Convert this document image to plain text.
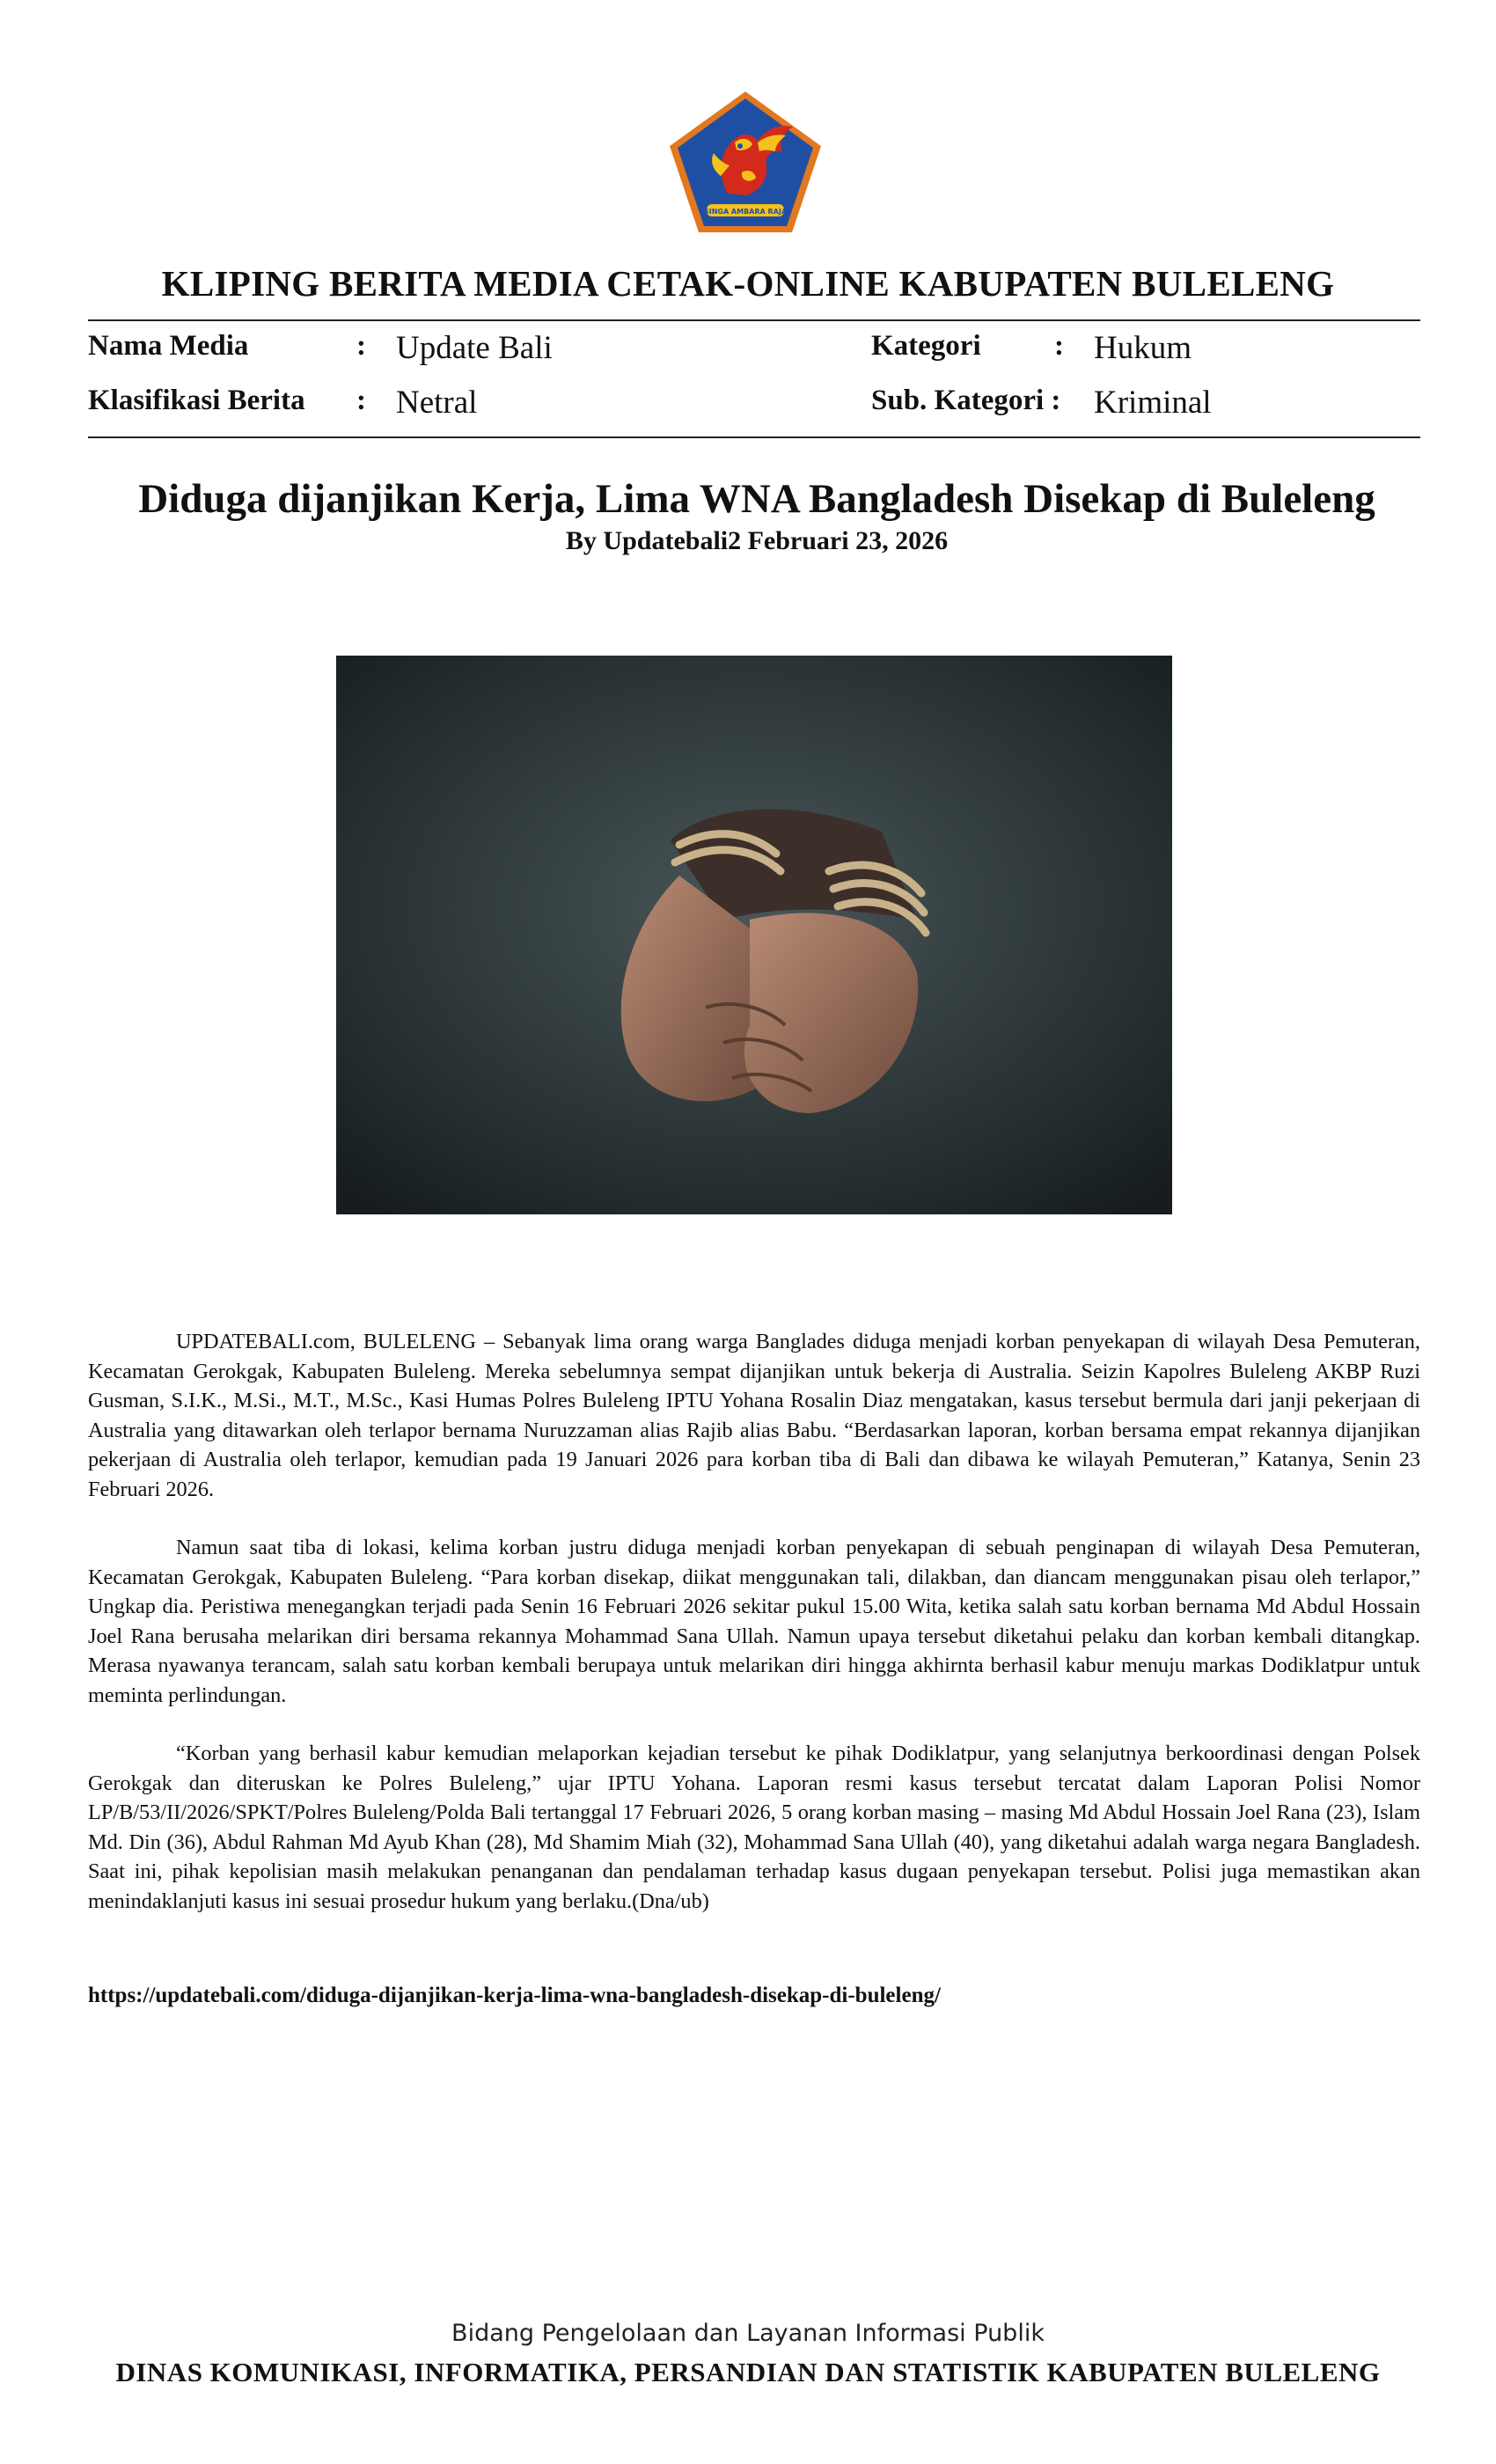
SINGA AMBARA RAJA
KLIPING BERITA MEDIA CETAK-ONLINE KABUPATEN BULELENG
Nama Media	: Update Bali	Kategori	: Hukum
Klasifikasi Berita : Netral	Sub. Kategori : Kriminal
Diduga dijanjikan Kerja, Lima WNA Bangladesh Disekap di Buleleng
By Updatebali2 Februari 23, 2026

UPDATEBALI.com, BULELENG – Sebanyak lima orang warga Banglades diduga menjadi korban penyekapan di wilayah Desa Pemuteran, Kecamatan Gerokgak, Kabupaten Buleleng. Mereka sebelumnya sempat dijanjikan untuk bekerja di Australia. Seizin Kapolres Buleleng AKBP Ruzi Gusman, S.I.K., M.Si., M.T., M.Sc., Kasi Humas Polres Buleleng IPTU Yohana Rosalin Diaz mengatakan, kasus tersebut bermula dari janji pekerjaan di Australia yang ditawarkan oleh terlapor bernama Nuruzzaman alias Rajib alias Babu. “Berdasarkan laporan, korban bersama empat rekannya dijanjikan pekerjaan di Australia oleh terlapor, kemudian pada 19 Januari 2026 para korban tiba di Bali dan dibawa ke wilayah Pemuteran,” Katanya, Senin 23 Februari 2026.

Namun saat tiba di lokasi, kelima korban justru diduga menjadi korban penyekapan di sebuah penginapan di wilayah Desa Pemuteran, Kecamatan Gerokgak, Kabupaten Buleleng. “Para korban disekap, diikat menggunakan tali, dilakban, dan diancam menggunakan pisau oleh terlapor,” Ungkap dia. Peristiwa menegangkan terjadi pada Senin 16 Februari 2026 sekitar pukul 15.00 Wita, ketika salah satu korban bernama Md Abdul Hossain Joel Rana berusaha melarikan diri bersama rekannya Mohammad Sana Ullah. Namun upaya tersebut diketahui pelaku dan korban kembali ditangkap. Merasa nyawanya terancam, salah satu korban kembali berupaya untuk melarikan diri hingga akhirnta berhasil kabur menuju markas Dodiklatpur untuk meminta perlindungan.

“Korban yang berhasil kabur kemudian melaporkan kejadian tersebut ke pihak Dodiklatpur, yang selanjutnya berkoordinasi dengan Polsek Gerokgak dan diteruskan ke Polres Buleleng,” ujar IPTU Yohana. Laporan resmi kasus tersebut tercatat dalam Laporan Polisi Nomor LP/B/53/II/2026/SPKT/Polres Buleleng/Polda Bali tertanggal 17 Februari 2026, 5 orang korban masing – masing Md Abdul Hossain Joel Rana (23), Islam Md. Din (36), Abdul Rahman Md Ayub Khan (28), Md Shamim Miah (32), Mohammad Sana Ullah (40), yang diketahui adalah warga negara Bangladesh. Saat ini, pihak kepolisian masih melakukan penanganan dan pendalaman terhadap kasus dugaan penyekapan tersebut. Polisi juga memastikan akan menindaklanjuti kasus ini sesuai prosedur hukum yang berlaku.(Dna/ub)

https://updatebali.com/diduga-dijanjikan-kerja-lima-wna-bangladesh-disekap-di-buleleng/
Bidang Pengelolaan dan Layanan Informasi Publik
DINAS KOMUNIKASI, INFORMATIKA, PERSANDIAN DAN STATISTIK KABUPATEN BULELENG
